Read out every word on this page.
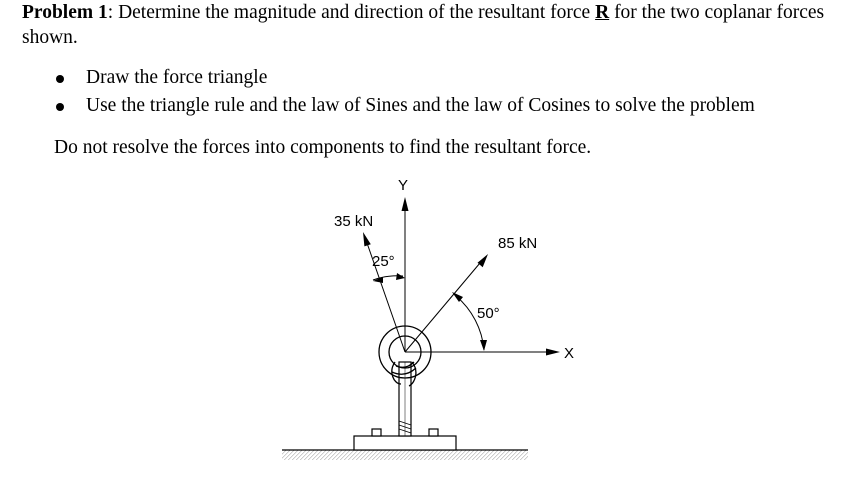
Problem 1: Determine the magnitude and direction of the resultant force R for the two coplanar forces shown.
Draw the force triangle
Use the triangle rule and the law of Sines and the law of Cosines to solve the problem
Do not resolve the forces into components to find the resultant force.
Y
X
35 kN
85 kN
25°
50°
